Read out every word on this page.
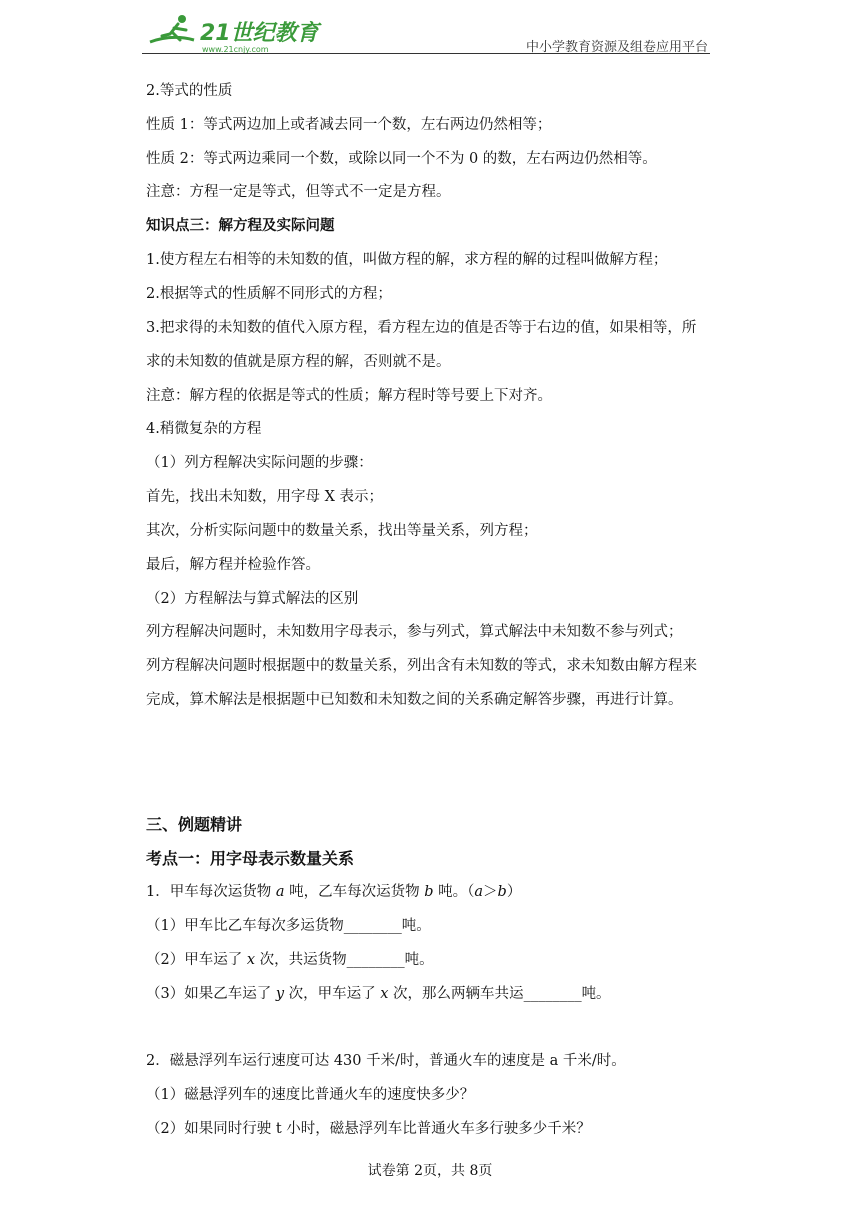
21世纪教育
www.21cnjy.com	中小学教育资源及组卷应用平台
2.等式的性质
性质 1：等式两边加上或者减去同一个数，左右两边仍然相等；
性质 2：等式两边乘同一个数，或除以同一个不为 0 的数，左右两边仍然相等。
注意：方程一定是等式，但等式不一定是方程。
知识点三：解方程及实际问题
1.使方程左右相等的未知数的值，叫做方程的解，求方程的解的过程叫做解方程；
2.根据等式的性质解不同形式的方程；
3.把求得的未知数的值代入原方程，看方程左边的值是否等于右边的值，如果相等，所
求的未知数的值就是原方程的解，否则就不是。
注意：解方程的依据是等式的性质；解方程时等号要上下对齐。
4.稍微复杂的方程
（1）列方程解决实际问题的步骤：
首先，找出未知数，用字母 X 表示；
其次，分析实际问题中的数量关系，找出等量关系，列方程；
最后，解方程并检验作答。
（2）方程解法与算式解法的区别
列方程解决问题时，未知数用字母表示，参与列式，算式解法中未知数不参与列式；
列方程解决问题时根据题中的数量关系，列出含有未知数的等式，求未知数由解方程来
完成，算术解法是根据题中已知数和未知数之间的关系确定解答步骤，再进行计算。
三、例题精讲
考点一：用字母表示数量关系
1．甲车每次运货物 a 吨，乙车每次运货物 b 吨。（a＞b）
（1）甲车比乙车每次多运货物________吨。
（2）甲车运了 x 次，共运货物________吨。
（3）如果乙车运了 y 次，甲车运了 x 次，那么两辆车共运________吨。
2．磁悬浮列车运行速度可达 430 千米/时，普通火车的速度是 a 千米/时。
（1）磁悬浮列车的速度比普通火车的速度快多少？
（2）如果同时行驶 t 小时，磁悬浮列车比普通火车多行驶多少千米？
试卷第 2页，共 8页
